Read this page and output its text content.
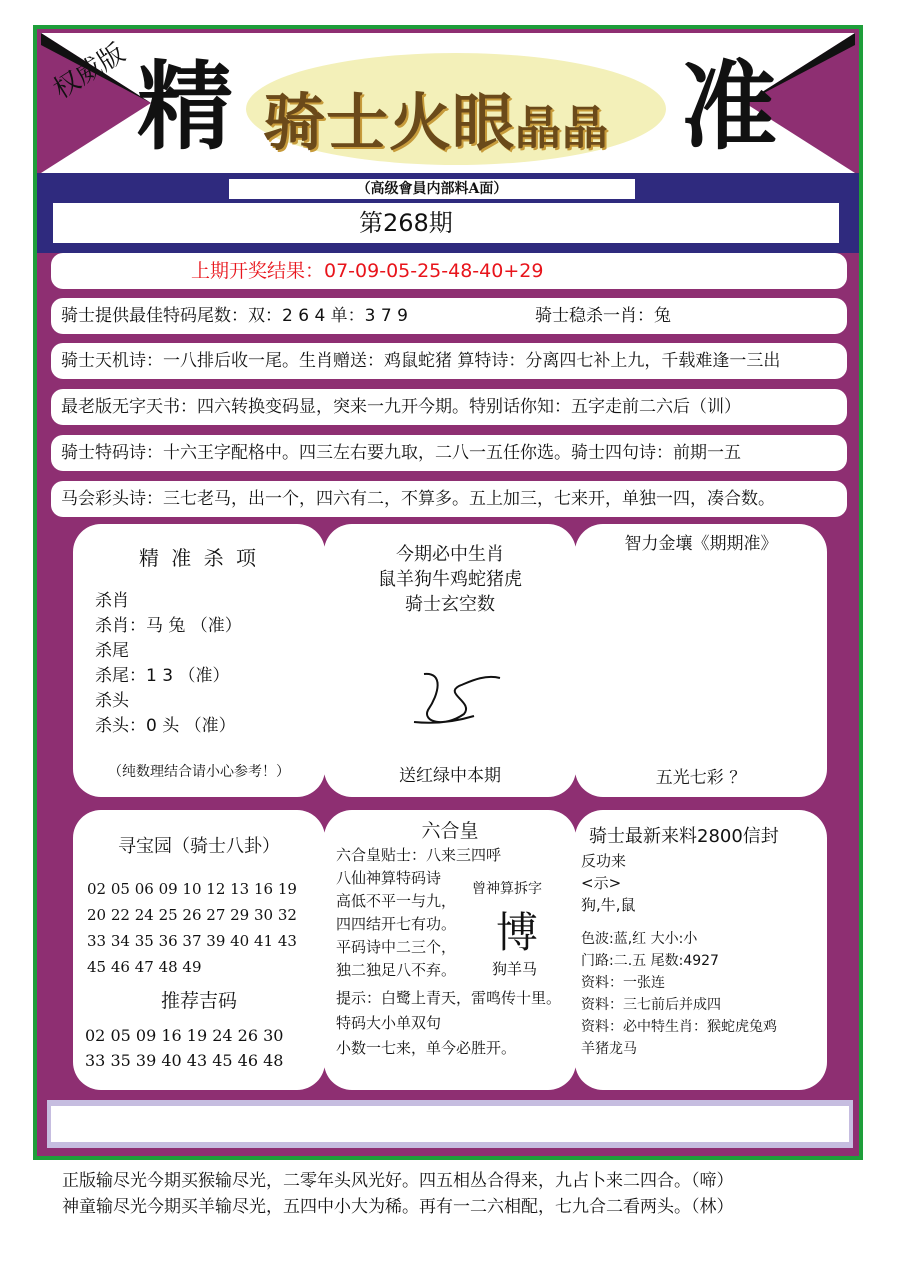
权威版 精 骑士火眼晶晶 准
（高级會員内部料A面）
第268期
上期开奖结果：07-09-05-25-48-40+29
骑士提供最佳特码尾数：双：2 6 4 单：3 7 9	骑士稳杀一肖：兔
骑士天机诗：一八排后收一尾。生肖赠送：鸡鼠蛇猪 算特诗：分离四七补上九，千载难逢一三出
最老版无字天书：四六转换变码显，突来一九开今期。特别话你知：五字走前二六后（训）
骑士特码诗：十六王字配格中。四三左右要九取，二八一五任你选。骑士四句诗：前期一五
马会彩头诗：三七老马，出一个，四六有二，不算多。五上加三，七来开，单独一四，凑合数。
精 准 杀 项
杀肖
杀肖：马 兔 （准）
杀尾
杀尾：1 3 （准）
杀头
杀头：0 头 （准）
（纯数理结合请小心参考！）
今期必中生肖
鼠羊狗牛鸡蛇猪虎
骑士玄空数
送红绿中本期
智力金壤《期期准》
五光七彩 ？
寻宝园（骑士八卦）
02 05 06 09 10 12 13 16 19
20 22 24 25 26 27 29 30 32
33 34 35 36 37 39 40 41 43
45 46 47 48 49
推荐吉码
02 05 09 16 19 24 26 30
33 35 39 40 43 45 46 48
六合皇
六合皇贴士：八来三四呼
八仙神算特码诗
高低不平一与九，
四四结开七有功。
平码诗中二三个，
独二独足八不弃。
曾神算拆字
博
狗羊马
提示：白鹭上青天，雷鸣传十里。
特码大小单双句
小数一七来，单今必胜开。
骑士最新来料2800信封
反功来
<示>
狗,牛,鼠
色波:蓝,红 大小:小
门路:二.五 尾数:4927
资料：一张连
资料：三七前后并成四
资料：必中特生肖：猴蛇虎兔鸡
羊猪龙马
正版输尽光今期买猴输尽光，二零年头风光好。四五相丛合得来，九占卜来二四合。（啼）
神童输尽光今期买羊输尽光，五四中小大为稀。再有一二六相配，七九合二看两头。（林）
